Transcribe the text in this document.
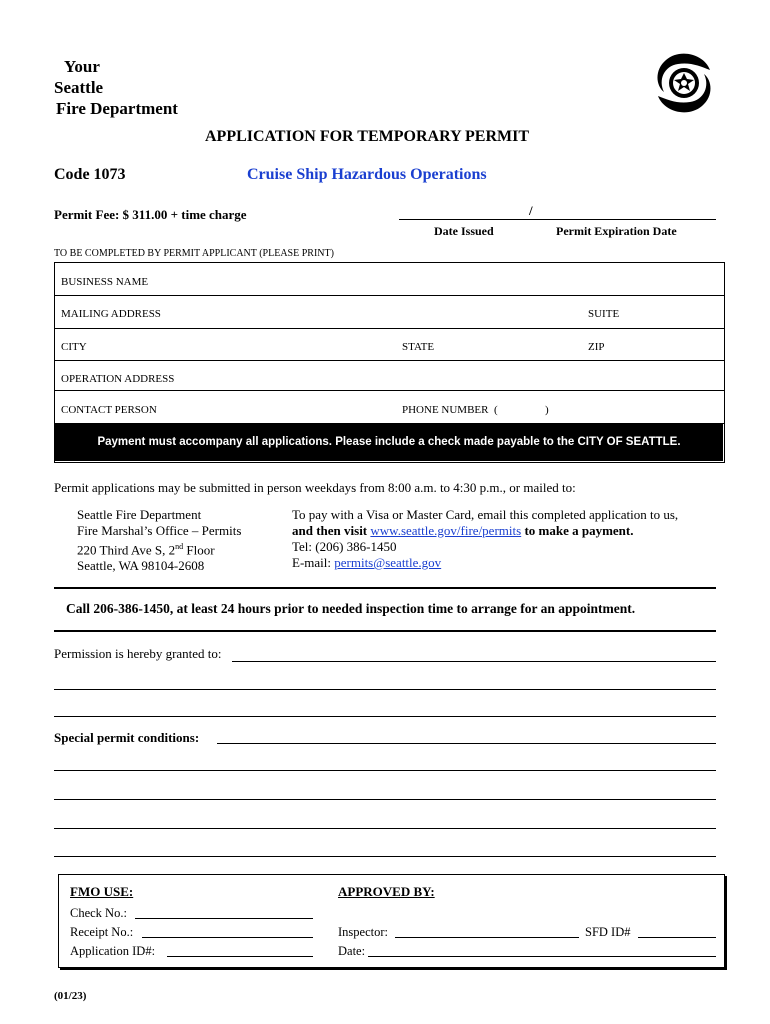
Your
Seattle
Fire Department
APPLICATION FOR TEMPORARY PERMIT
Code 1073	Cruise Ship Hazardous Operations
Permit Fee: $ 311.00 + time charge	/
Date Issued	Permit Expiration Date
TO BE COMPLETED BY PERMIT APPLICANT (PLEASE PRINT)
BUSINESS NAME
MAILING ADDRESS	SUITE
CITY	STATE	ZIP
OPERATION ADDRESS
CONTACT PERSON	PHONE NUMBER  (	)
Payment must accompany all applications. Please include a check made payable to the CITY OF SEATTLE.
Permit applications may be submitted in person weekdays from 8:00 a.m. to 4:30 p.m., or mailed to:
Seattle Fire Department
Fire Marshal’s Office – Permits
220 Third Ave S, 2nd Floor
Seattle, WA 98104-2608
To pay with a Visa or Master Card, email this completed application to us,
and then visit www.seattle.gov/fire/permits to make a payment.
Tel: (206) 386-1450
E-mail: permits@seattle.gov
Call 206-386-1450, at least 24 hours prior to needed inspection time to arrange for an appointment.
Permission is hereby granted to:
Special permit conditions:
FMO USE:
Check No.:
Receipt No.:
Application ID#:
APPROVED BY:
Inspector:	SFD ID#
Date:
(01/23)
